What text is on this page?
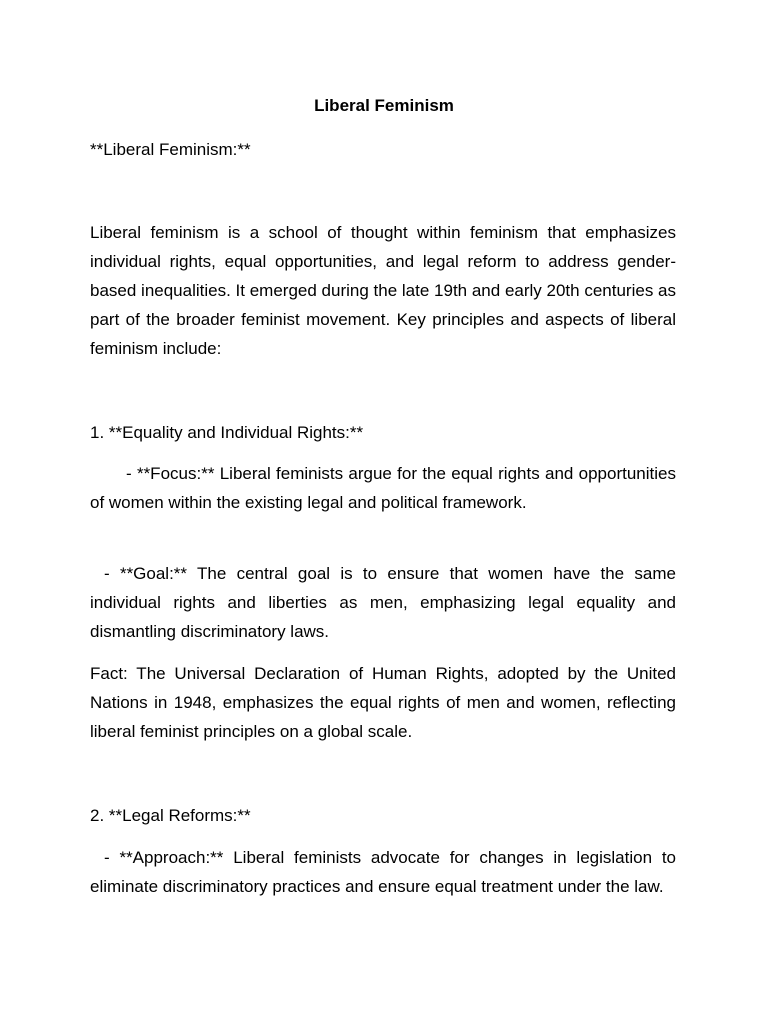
Liberal Feminism

**Liberal Feminism:**

Liberal feminism is a school of thought within feminism that emphasizes individual rights, equal opportunities, and legal reform to address gender-based inequalities. It emerged during the late 19th and early 20th centuries as part of the broader feminist movement. Key principles and aspects of liberal feminism include:

1. **Equality and Individual Rights:**

- **Focus:** Liberal feminists argue for the equal rights and opportunities of women within the existing legal and political framework.

- **Goal:** The central goal is to ensure that women have the same individual rights and liberties as men, emphasizing legal equality and dismantling discriminatory laws.

Fact: The Universal Declaration of Human Rights, adopted by the United Nations in 1948, emphasizes the equal rights of men and women, reflecting liberal feminist principles on a global scale.

2. **Legal Reforms:**

- **Approach:** Liberal feminists advocate for changes in legislation to eliminate discriminatory practices and ensure equal treatment under the law.
